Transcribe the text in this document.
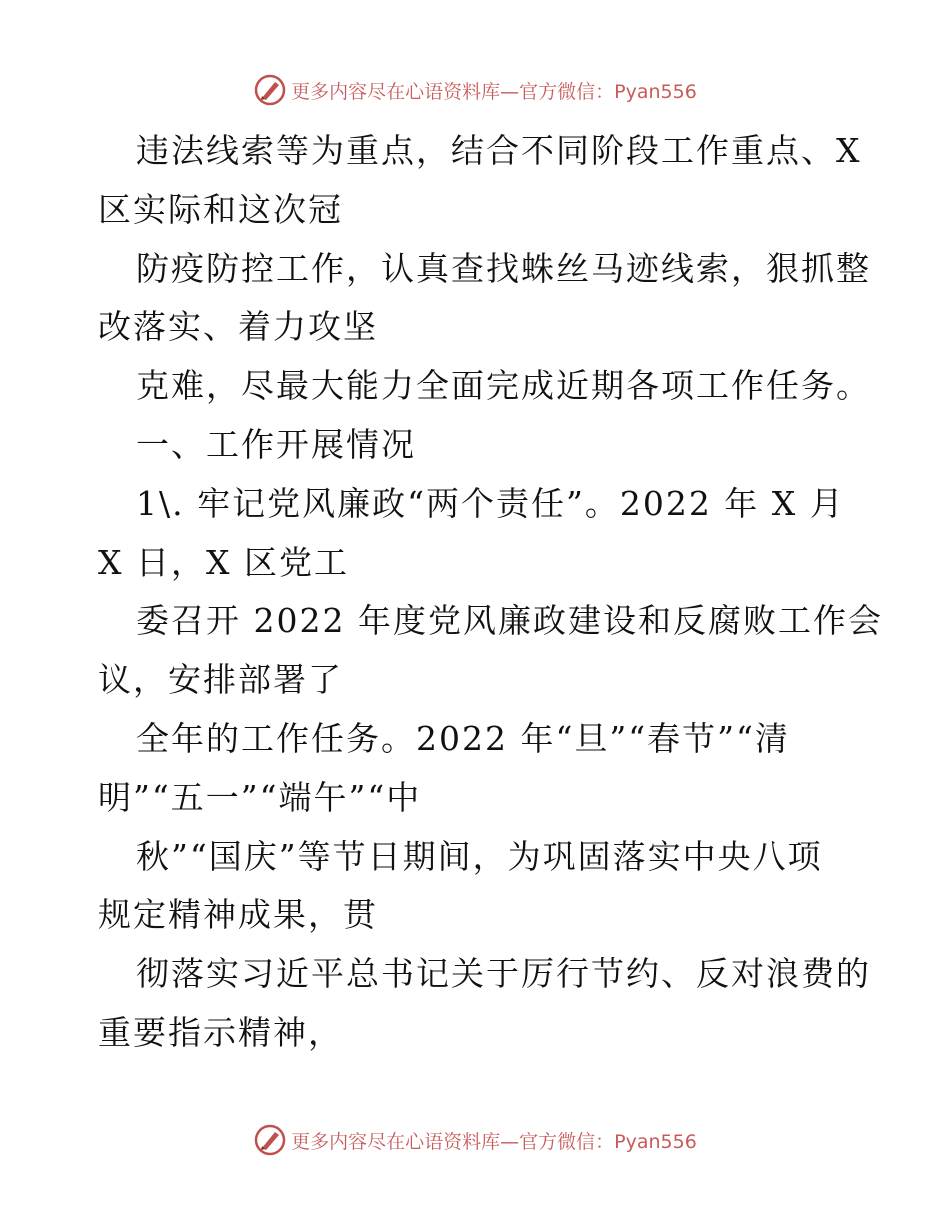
更多内容尽在心语资料库—官方微信：Pyan556
违法线索等为重点，结合不同阶段工作重点、X
区实际和这次冠
防疫防控工作，认真查找蛛丝马迹线索，狠抓整
改落实、着力攻坚
克难，尽最大能力全面完成近期各项工作任务。
一、工作开展情况
1\. 牢记党风廉政“两个责任”。2022 年 X 月
X 日，X 区党工
委召开 2022 年度党风廉政建设和反腐败工作会
议，安排部署了
全年的工作任务。2022 年“旦”“春节”“清
明”“五一”“端午”“中
秋”“国庆”等节日期间，为巩固落实中央八项
规定精神成果，贯
彻落实习近平总书记关于厉行节约、反对浪费的
重要指示精神，
更多内容尽在心语资料库—官方微信：Pyan556
